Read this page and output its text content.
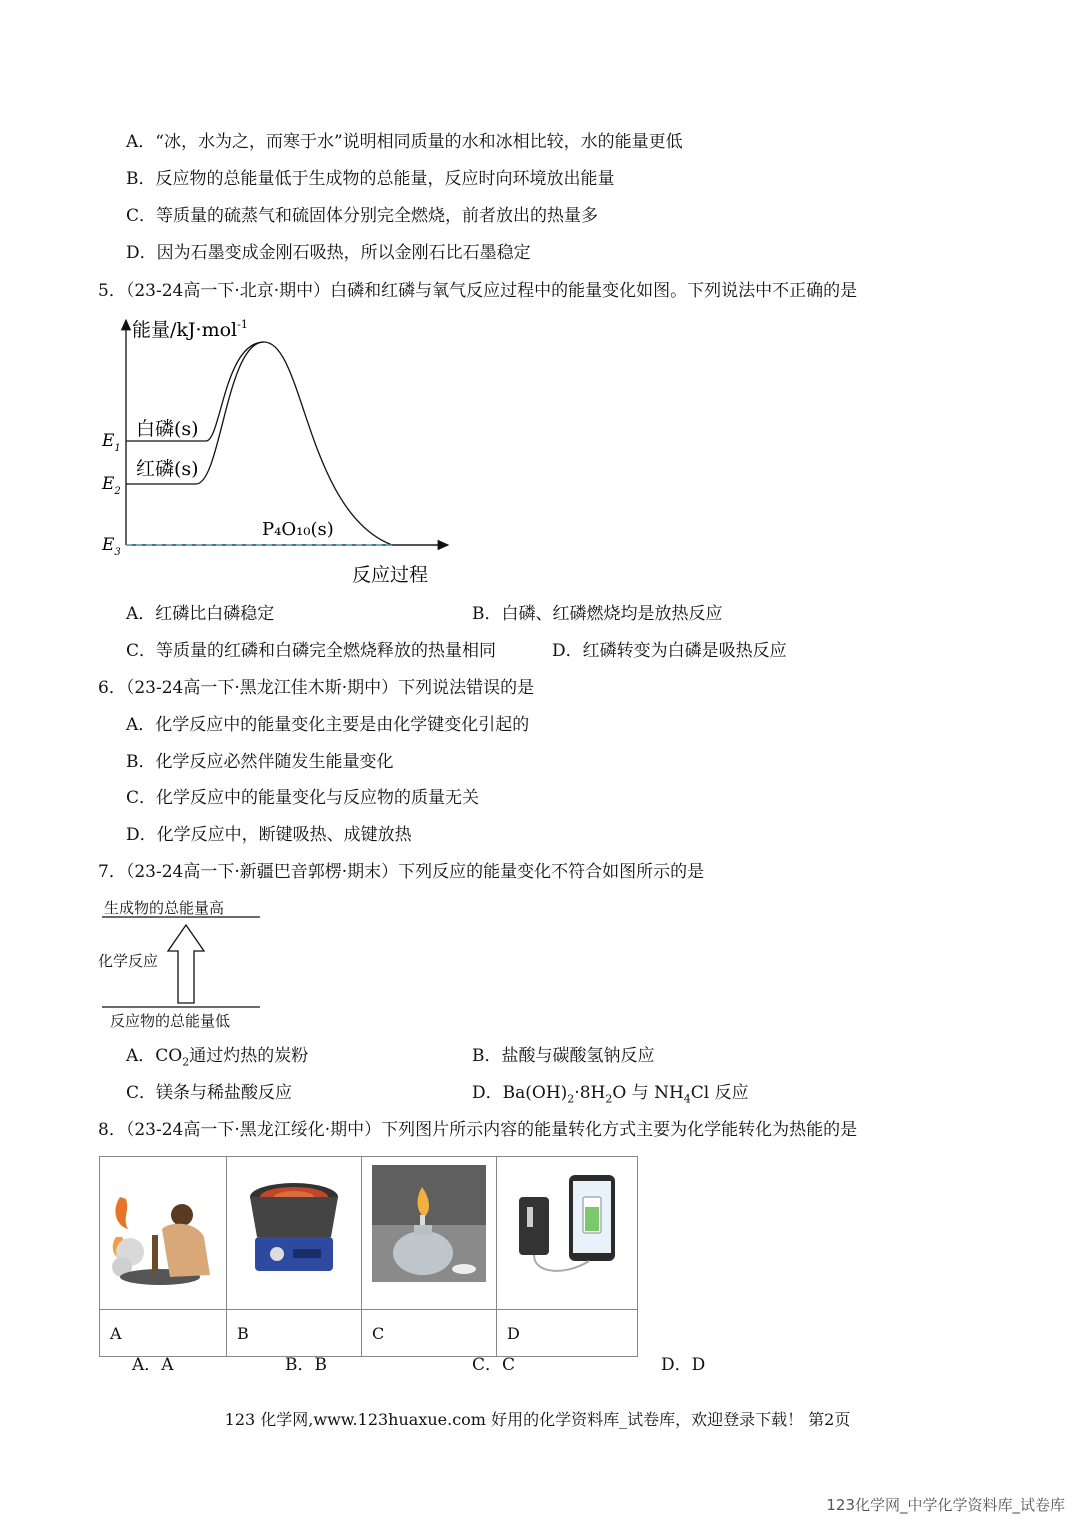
A．“冰，水为之，而寒于水”说明相同质量的水和冰相比较，水的能量更低
B．反应物的总能量低于生成物的总能量，反应时向环境放出能量
C．等质量的硫蒸气和硫固体分别完全燃烧，前者放出的热量多
D．因为石墨变成金刚石吸热，所以金刚石比石墨稳定
5．（23-24高一下·北京·期中）白磷和红磷与氧气反应过程中的能量变化如图。下列说法中不正确的是
能量/kJ·mol$^{-1}$
白磷(s)
红磷(s)
P₄O₁₀(s)
$E_1$
$E_2$
$E_3$
反应过程
A．红磷比白磷稳定	B．白磷、红磷燃烧均是放热反应
C．等质量的红磷和白磷完全燃烧释放的热量相同	D．红磷转变为白磷是吸热反应
6．（23-24高一下·黑龙江佳木斯·期中）下列说法错误的是
A．化学反应中的能量变化主要是由化学键变化引起的
B．化学反应必然伴随发生能量变化
C．化学反应中的能量变化与反应物的质量无关
D．化学反应中，断键吸热、成键放热
7．（23-24高一下·新疆巴音郭楞·期末）下列反应的能量变化不符合如图所示的是
生成物的总能量高
化学反应
反应物的总能量低
A．$CO_2$通过灼热的炭粉	B．盐酸与碳酸氢钠反应
C．镁条与稀盐酸反应	D．$Ba(OH)_2\cdot 8H_2O$ 与 $NH_4Cl$ 反应
8．（23-24高一下·黑龙江绥化·期中）下列图片所示内容的能量转化方式主要为化学能转化为热能的是

A	B	C	D
A．A	B．B	C．C	D．D
123 化学网,www.123huaxue.com 好用的化学资料库_试卷库，欢迎登录下载！ 第2页
123化学网_中学化学资料库_试卷库
